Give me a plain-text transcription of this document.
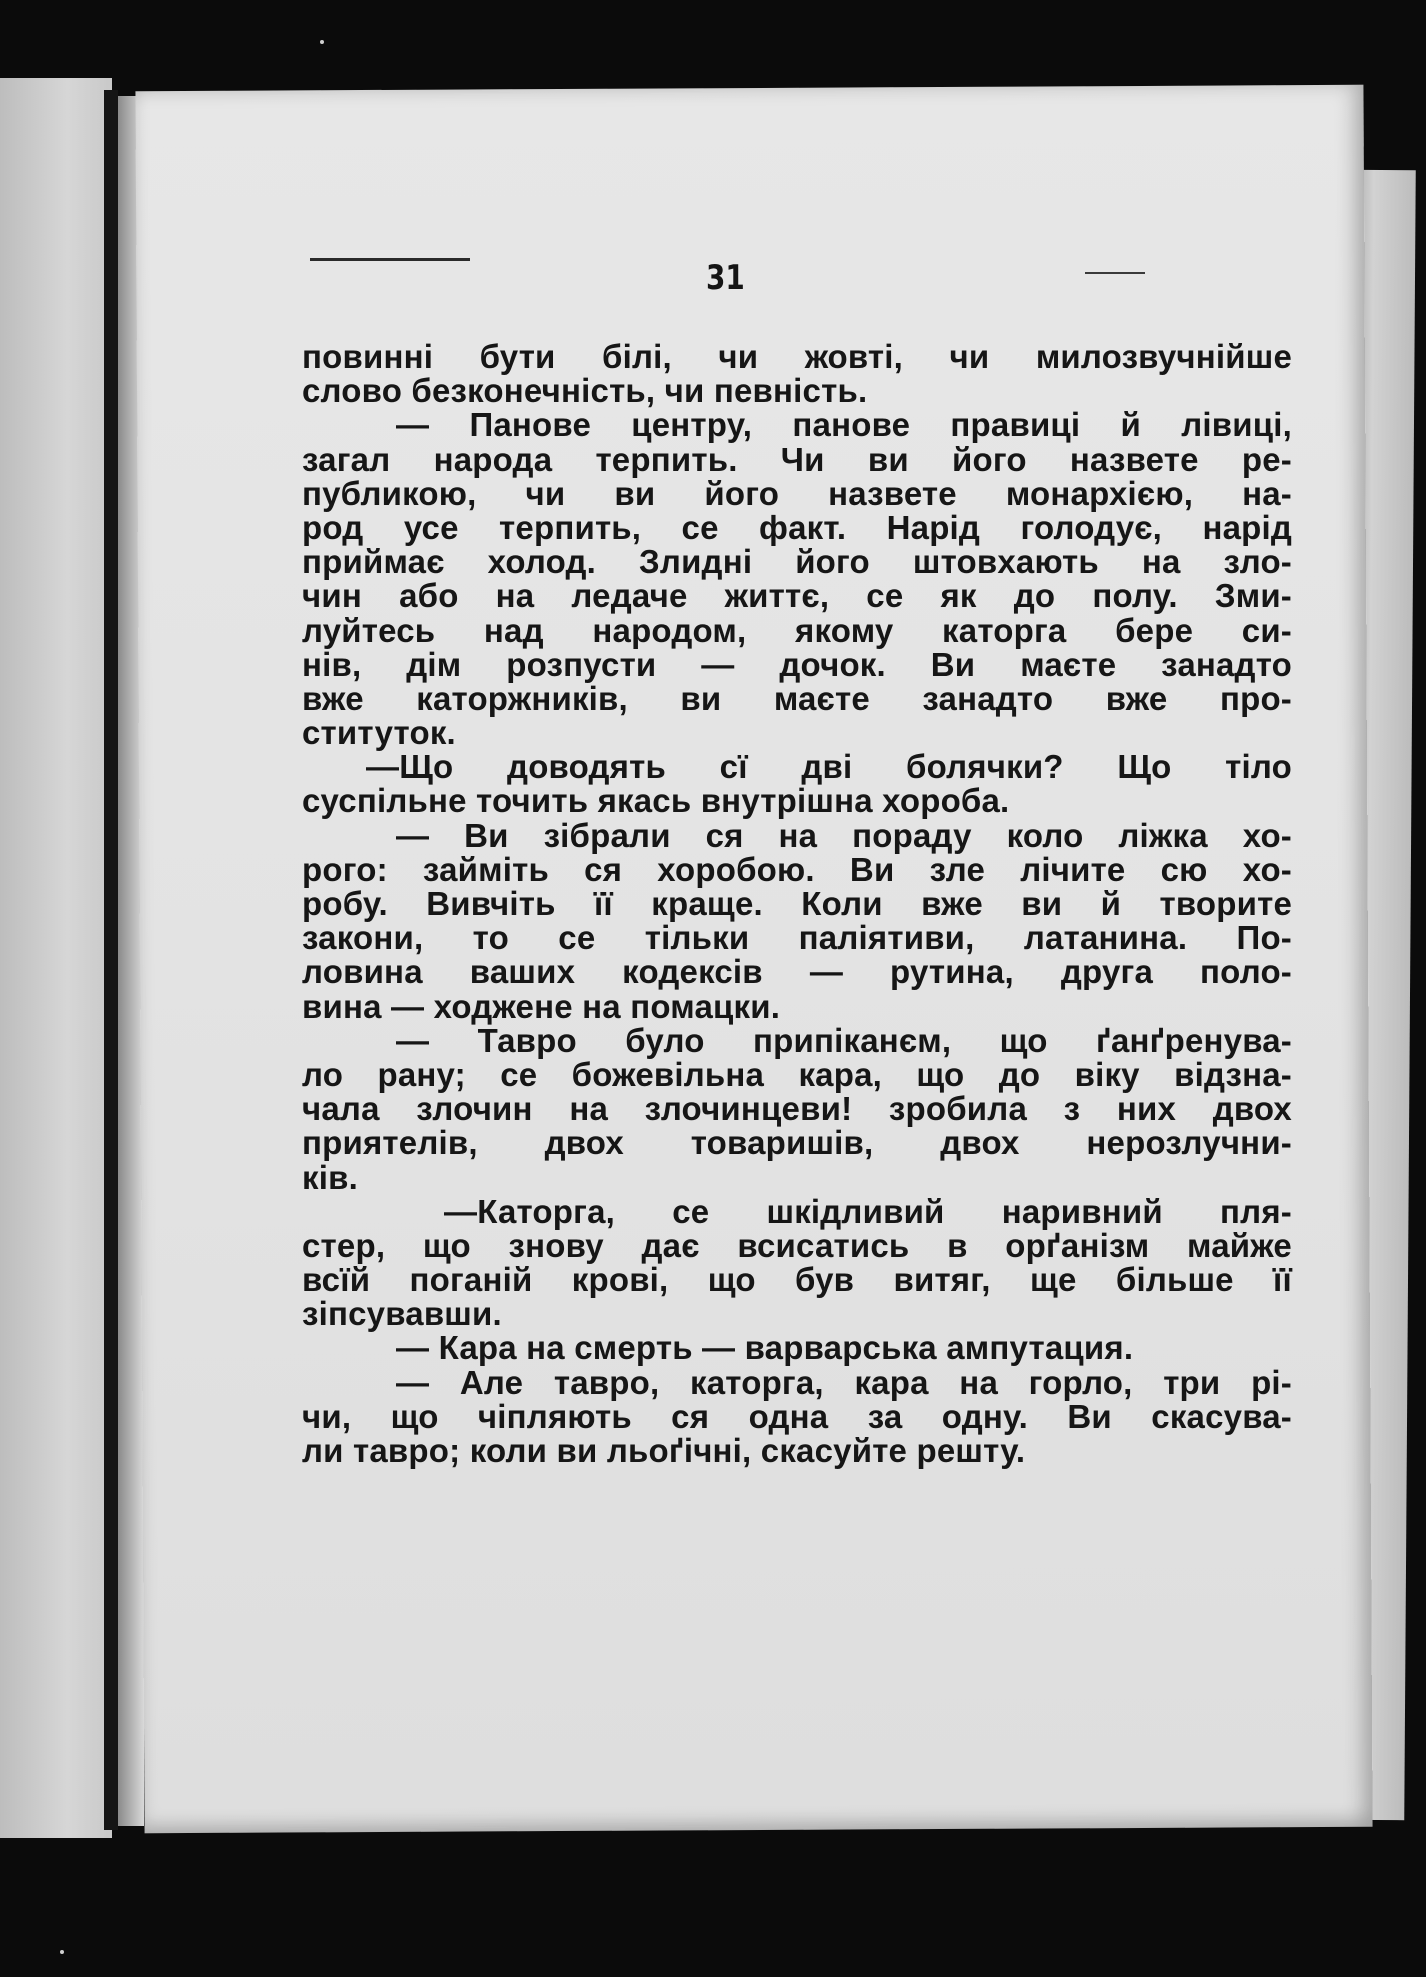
31
повинні бути білі, чи жовті, чи милозвучнійше
слово безконечність, чи певність.
— Панове центру, панове правиці й лівиці,
загал народа терпить. Чи ви його назвете ре-
публикою, чи ви його назвете монархією, на-
род усе терпить, се факт. Нарід голодує, нарід
приймає холод. Злидні його штовхають на зло-
чин або на ледаче життє, се як до полу. Зми-
луйтесь над народом, якому каторга бере си-
нів, дім розпусти — дочок. Ви маєте занадто
вже каторжників, ви маєте занадто вже про-
ституток.
—Що доводять сї дві болячки? Що тіло
суспільне точить якась внутрішна хороба.
— Ви зібрали ся на пораду коло ліжка хо-
рого: займіть ся хоробою. Ви зле лічите сю хо-
робу. Вивчіть її краще. Коли вже ви й творите
закони, то се тільки паліятиви, латанина. По-
ловина ваших кодексів — рутина, друга поло-
вина — ходжене на помацки.
— Тавро було припіканєм, що ґанґренува-
ло рану; се божевільна кара, що до віку відзна-
чала злочин на злочинцеви! зробила з них двох
приятелів, двох товаришів, двох нерозлучни-
ків.
—Каторга, се шкідливий наривний пля-
стер, що знову дає всисатись в орґанізм майже
всїй поганій крові, що був витяг, ще більше її
зіпсувавши.
— Кара на смерть — варварська ампутация.
— Але тавро, каторга, кара на горло, три рі-
чи, що чіпляють ся одна за одну. Ви скасува-
ли тавро; коли ви льоґічні, скасуйте решту.
